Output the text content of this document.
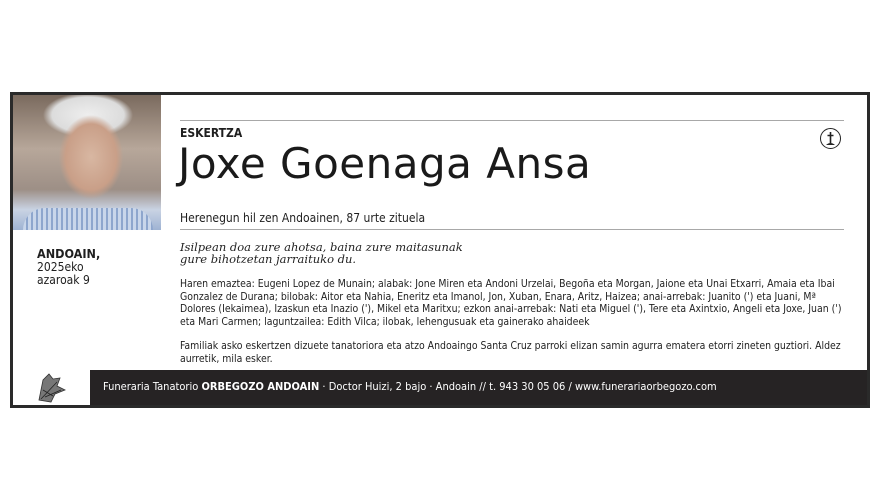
ANDOAIN,
2025eko
azaroak 9
ESKERTZA
Joxe Goenaga Ansa
Herenegun hil zen Andoainen, 87 urte zituela
Isilpean doa zure ahotsa, baina zure maitasunak
gure bihotzetan jarraituko du.

Haren emaztea: Eugeni Lopez de Munain; alabak: Jone Miren eta Andoni Urzelai, Begoña eta Morgan, Jaione eta Unai Etxarri, Amaia eta Ibai Gonzalez de Durana; bilobak: Aitor eta Nahia, Eneritz eta Imanol, Jon, Xuban, Enara, Aritz, Haizea; anai-arrebak: Juanito (') eta Juani, Mª Dolores (Iekaimea), Izaskun eta Inazio ('), Mikel eta Maritxu; ezkon anai-arrebak: Nati eta Miguel ('), Tere eta Axintxio, Angeli eta Joxe, Juan (') eta Mari Carmen; laguntzailea: Edith Vilca; ilobak, lehengusuak eta gainerako ahaideek

Familiak asko eskertzen dizuete tanatoriora eta atzo Andoaingo Santa Cruz parroki elizan samin agurra ematera etorri zineten guztiori. Aldez aurretik, mila esker.

Funeraria Tanatorio ORBEGOZO ANDOAIN · Doctor Huizi, 2 bajo · Andoain // t. 943 30 05 06 / www.funerariaorbegozo.com
